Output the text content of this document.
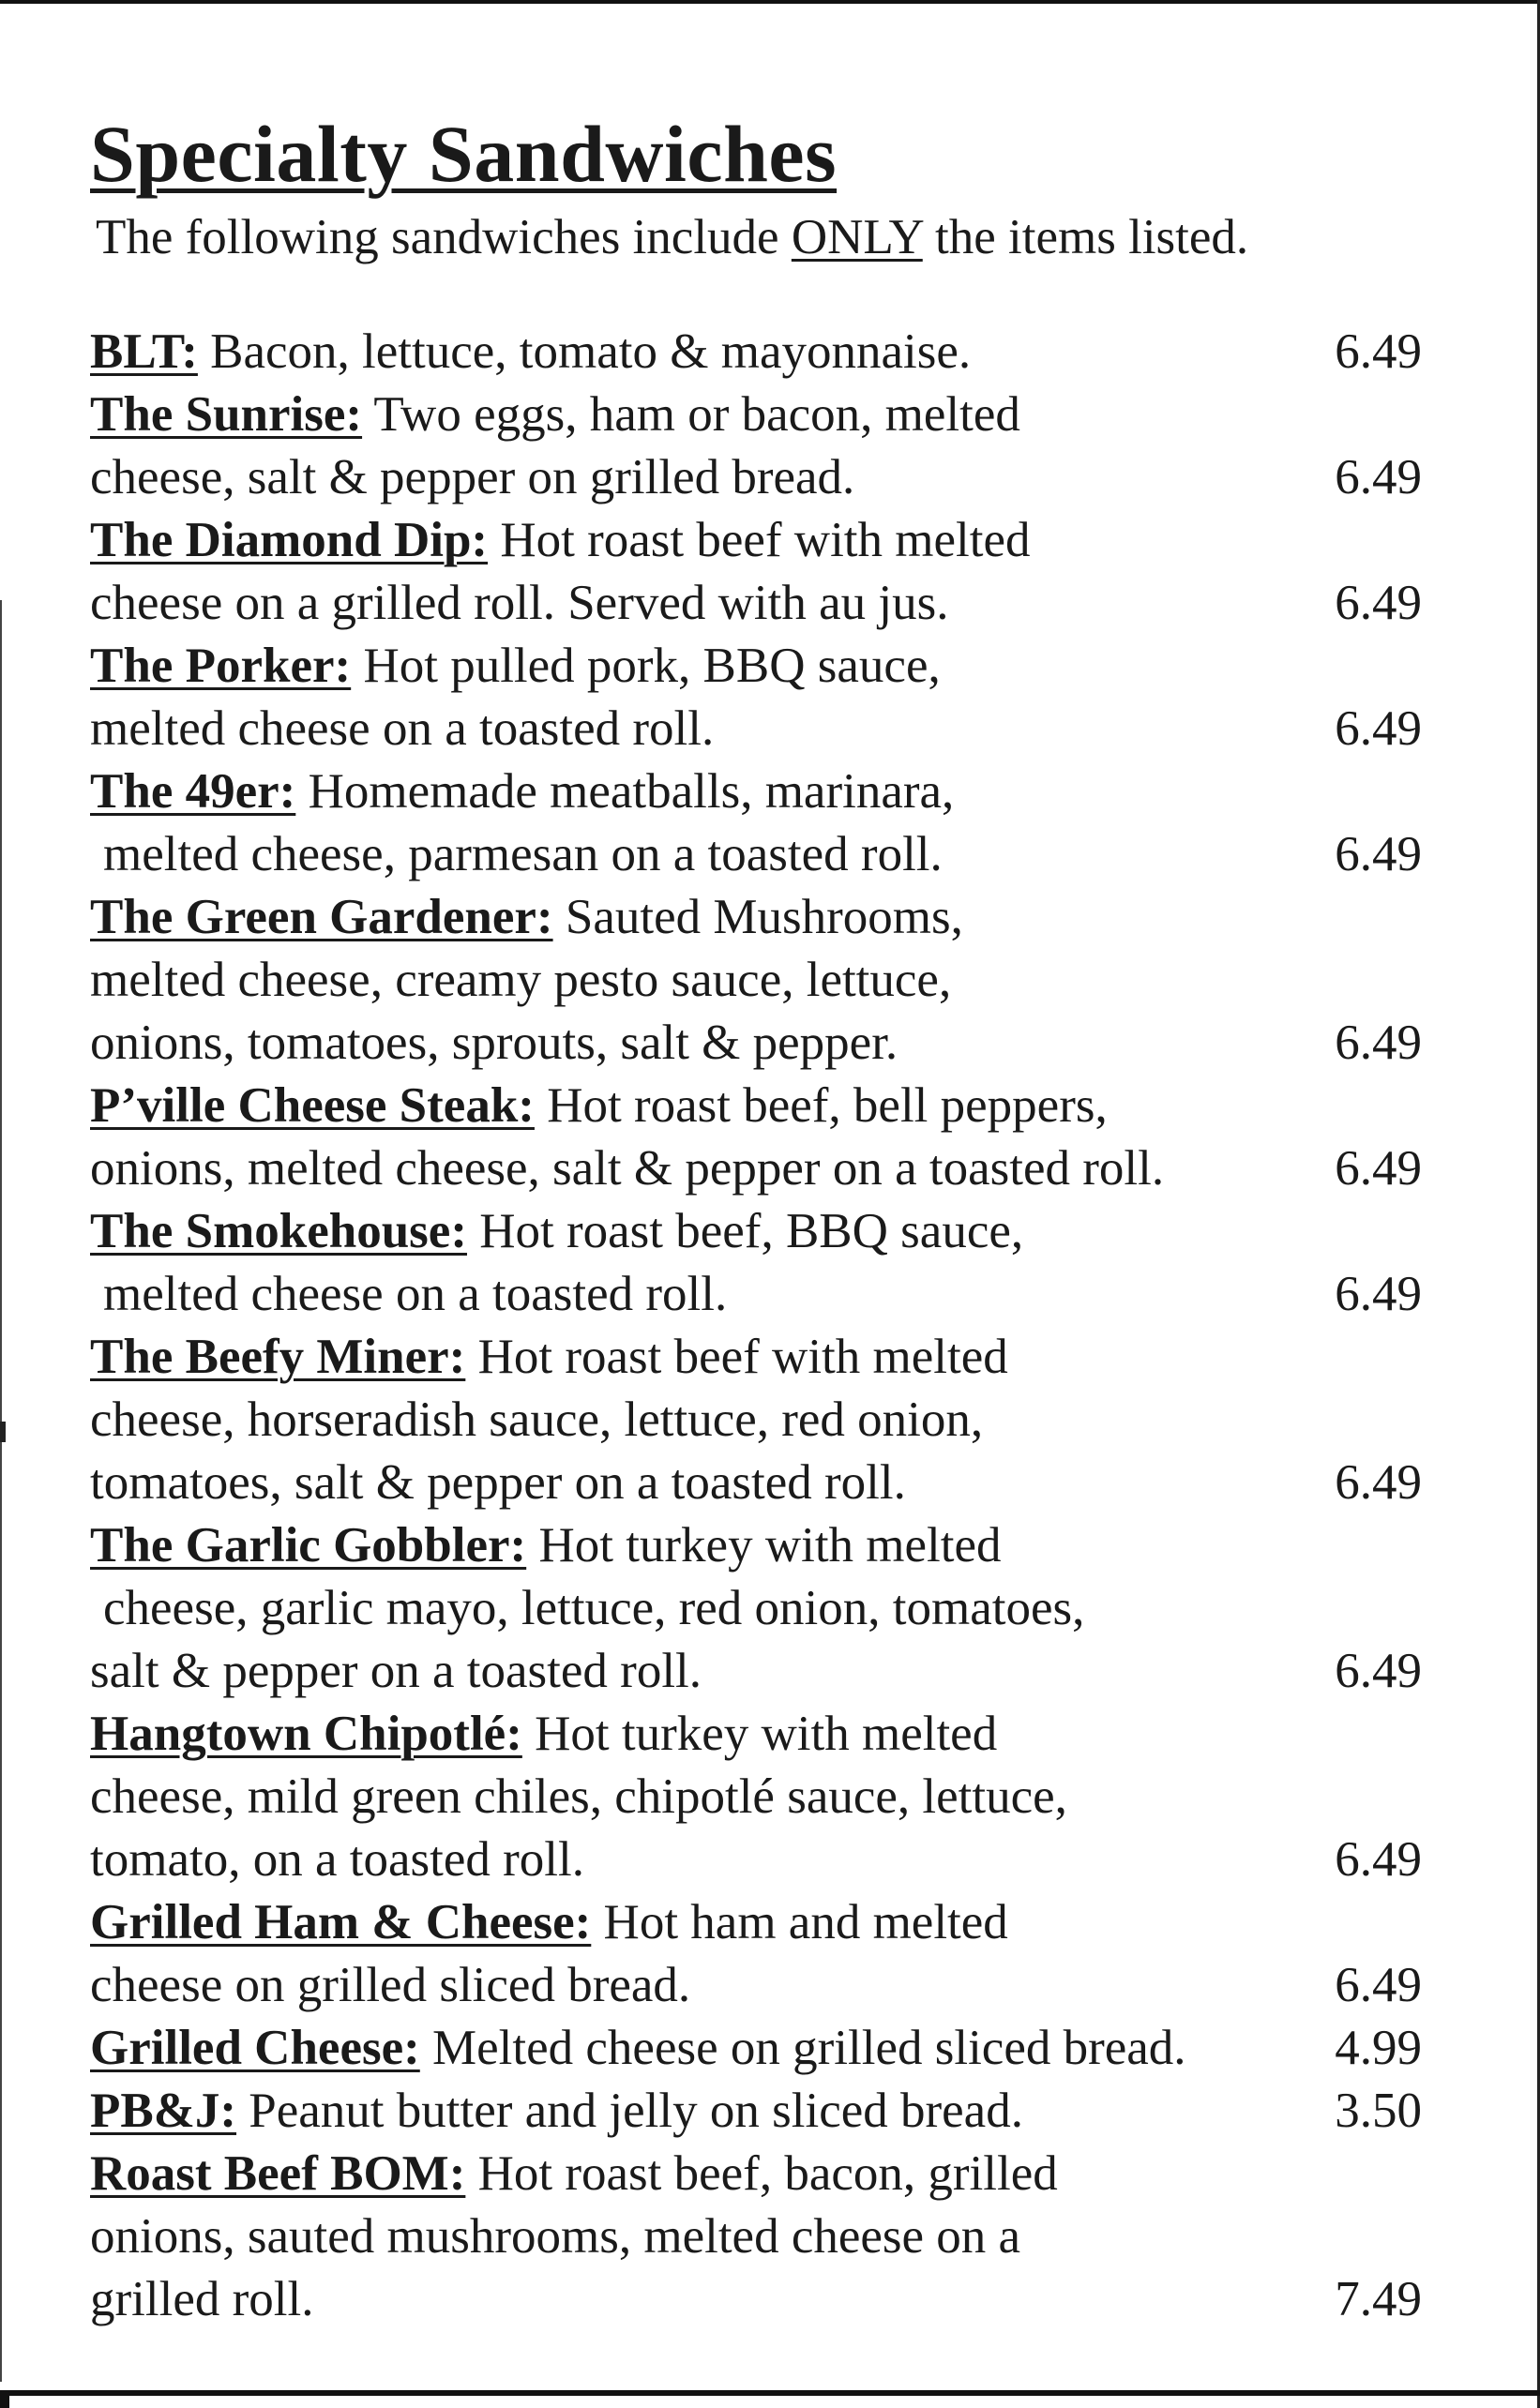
Specialty Sandwiches
The following sandwiches include ONLY the items listed.
BLT: Bacon, lettuce, tomato & mayonnaise.	6.49
The Sunrise: Two eggs, ham or bacon, melted
cheese, salt & pepper on grilled bread.	6.49
The Diamond Dip: Hot roast beef with melted
cheese on a grilled roll. Served with au jus.	6.49
The Porker: Hot pulled pork, BBQ sauce,
melted cheese on a toasted roll.	6.49
The 49er: Homemade meatballs, marinara,
melted cheese, parmesan on a toasted roll.	6.49
The Green Gardener: Sauted Mushrooms,
melted cheese, creamy pesto sauce, lettuce,
onions, tomatoes, sprouts, salt & pepper.	6.49
P’ville Cheese Steak: Hot roast beef, bell peppers,
onions, melted cheese, salt & pepper on a toasted roll.	6.49
The Smokehouse: Hot roast beef, BBQ sauce,
melted cheese on a toasted roll.	6.49
The Beefy Miner: Hot roast beef with melted
cheese, horseradish sauce, lettuce, red onion,
tomatoes, salt & pepper on a toasted roll.	6.49
The Garlic Gobbler: Hot turkey with melted
cheese, garlic mayo, lettuce, red onion, tomatoes,
salt & pepper on a toasted roll.	6.49
Hangtown Chipotlé: Hot turkey with melted
cheese, mild green chiles, chipotlé sauce, lettuce,
tomato, on a toasted roll.	6.49
Grilled Ham & Cheese: Hot ham and melted
cheese on grilled sliced bread.	6.49
Grilled Cheese: Melted cheese on grilled sliced bread.	4.99
PB&J: Peanut butter and jelly on sliced bread.	3.50
Roast Beef BOM: Hot roast beef, bacon, grilled
onions, sauted mushrooms, melted cheese on a
grilled roll.	7.49
